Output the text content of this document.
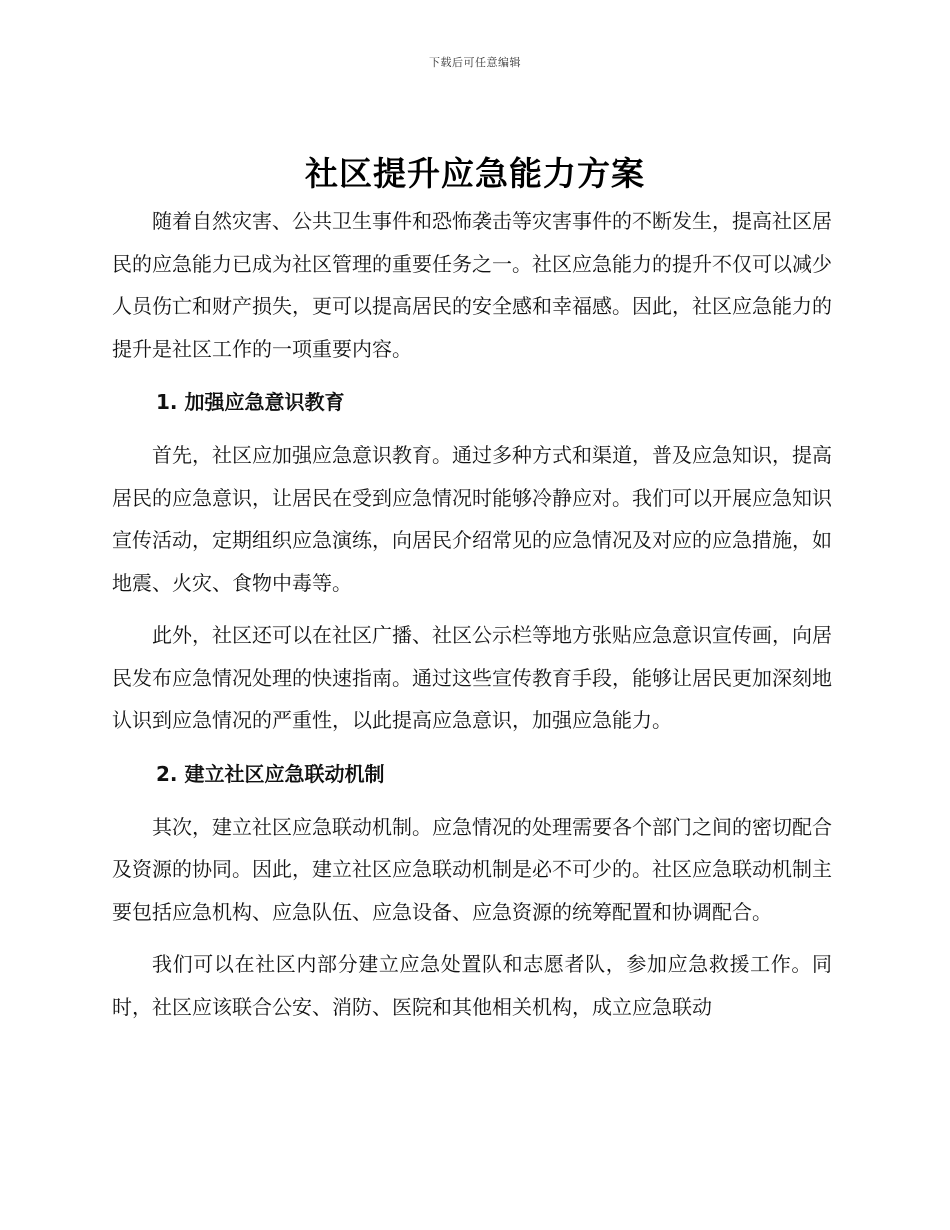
下载后可任意编辑
社区提升应急能力方案

随着自然灾害、公共卫生事件和恐怖袭击等灾害事件的不断发生，提高社区居民的应急能力已成为社区管理的重要任务之一。社区应急能力的提升不仅可以减少人员伤亡和财产损失，更可以提高居民的安全感和幸福感。因此，社区应急能力的提升是社区工作的一项重要内容。

1. 加强应急意识教育

首先，社区应加强应急意识教育。通过多种方式和渠道，普及应急知识，提高居民的应急意识，让居民在受到应急情况时能够冷静应对。我们可以开展应急知识宣传活动，定期组织应急演练，向居民介绍常见的应急情况及对应的应急措施，如地震、火灾、食物中毒等。

此外，社区还可以在社区广播、社区公示栏等地方张贴应急意识宣传画，向居民发布应急情况处理的快速指南。通过这些宣传教育手段，能够让居民更加深刻地认识到应急情况的严重性，以此提高应急意识，加强应急能力。

2. 建立社区应急联动机制

其次，建立社区应急联动机制。应急情况的处理需要各个部门之间的密切配合及资源的协同。因此，建立社区应急联动机制是必不可少的。社区应急联动机制主要包括应急机构、应急队伍、应急设备、应急资源的统筹配置和协调配合。

我们可以在社区内部分建立应急处置队和志愿者队，参加应急救援工作。同时，社区应该联合公安、消防、医院和其他相关机构，成立应急联动
